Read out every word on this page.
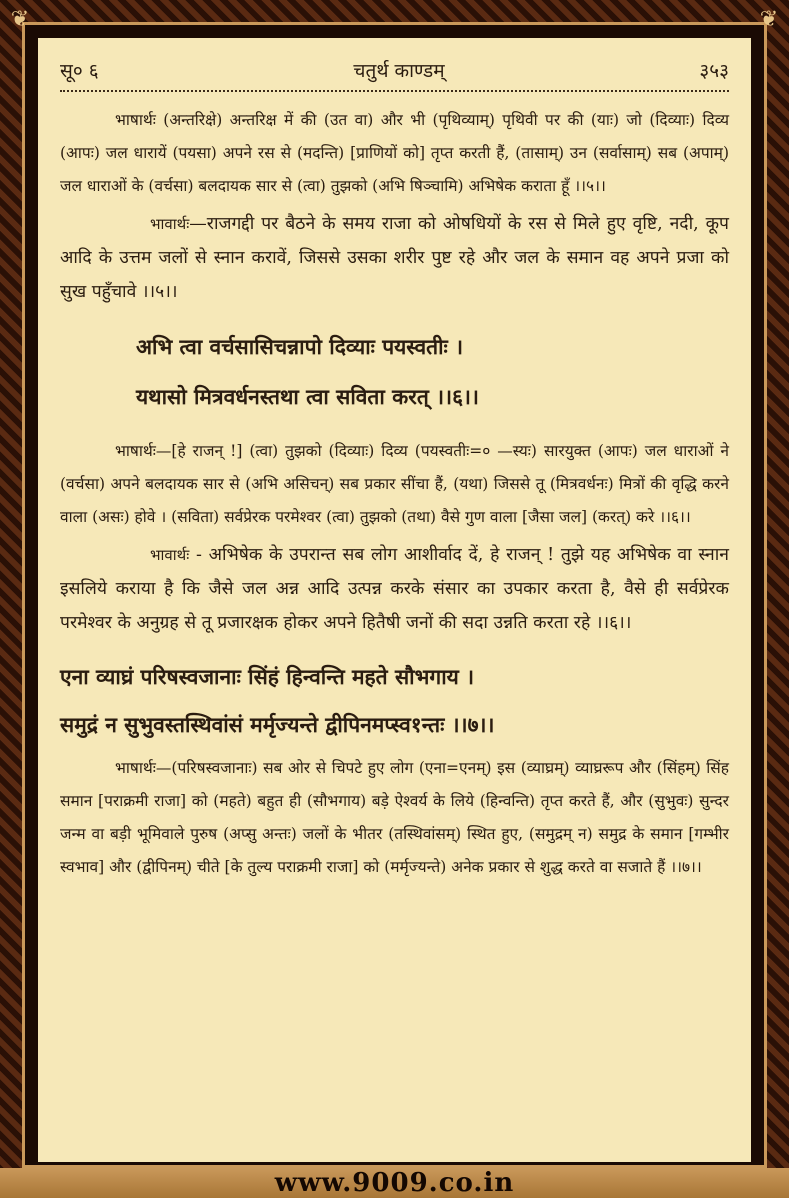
❦	❦
सू० ६	चतुर्थ काण्डम्	३५३

भाषार्थः (अन्तरिक्षे) अन्तरिक्ष में की (उत वा) और भी (पृथिव्याम्) पृथिवी पर की (याः) जो (दिव्याः) दिव्य (आपः) जल धारायें (पयसा) अपने रस से (मदन्ति) [प्राणियों को] तृप्त करती हैं, (तासाम्) उन (सर्वासाम्) सब (अपाम्) जल धाराओं के (वर्चसा) बलदायक सार से (त्वा) तुझको (अभि षिञ्चामि) अभिषेक कराता हूँ ।।५।।

भावार्थः—राजगद्दी पर बैठने के समय राजा को ओषधियों के रस से मिले हुए वृष्टि, नदी, कूप आदि के उत्तम जलों से स्नान करावें, जिससे उसका शरीर पुष्ट रहे और जल के समान वह अपने प्रजा को सुख पहुँचावे ।।५।।

अभि त्वा वर्चसासिचन्नापो दिव्याः पयस्वतीः ।

यथासो मित्रवर्धनस्तथा त्वा सविता करत् ।।६।।

भाषार्थः—[हे राजन् !] (त्वा) तुझको (दिव्याः) दिव्य (पयस्वतीः=० —स्यः) सारयुक्त (आपः) जल धाराओं ने (वर्चसा) अपने बलदायक सार से (अभि असिचन्) सब प्रकार सींचा हैं, (यथा) जिससे तू (मित्रवर्धनः) मित्रों की वृद्धि करने वाला (असः) होवे । (सविता) सर्वप्रेरक परमेश्वर (त्वा) तुझको (तथा) वैसे गुण वाला [जैसा जल] (करत्) करे ।।६।।

भावार्थः - अभिषेक के उपरान्त सब लोग आशीर्वाद दें, हे राजन् ! तुझे यह अभिषेक वा स्नान इसलिये कराया है कि जैसे जल अन्न आदि उत्पन्न करके संसार का उपकार करता है, वैसे ही सर्वप्रेरक परमेश्वर के अनुग्रह से तू प्रजारक्षक होकर अपने हितैषी जनों की सदा उन्नति करता रहे ।।६।।

एना व्याघ्रं परिषस्वजानाः सिंहं हिन्वन्ति महते सौभगाय ।

समुद्रं न सुभुवस्तस्थिवांसं मर्मृज्यन्ते द्वीपिनमप्स्व१न्तः ।।७।।

भाषार्थः—(परिषस्वजानाः) सब ओर से चिपटे हुए लोग (एना=एनम्) इस (व्याघ्रम्) व्याघ्ररूप और (सिंहम्) सिंह समान [पराक्रमी राजा] को (महते) बहुत ही (सौभगाय) बड़े ऐश्वर्य के लिये (हिन्वन्ति) तृप्त करते हैं, और (सुभुवः) सुन्दर जन्म वा बड़ी भूमिवाले पुरुष (अप्सु अन्तः) जलों के भीतर (तस्थिवांसम्) स्थित हुए, (समुद्रम् न) समुद्र के समान [गम्भीर स्वभाव] और (द्वीपिनम्) चीते [के तुल्य पराक्रमी राजा] को (मर्मृज्यन्ते) अनेक प्रकार से शुद्ध करते वा सजाते हैं ।।७।।

www.9009.co.in
